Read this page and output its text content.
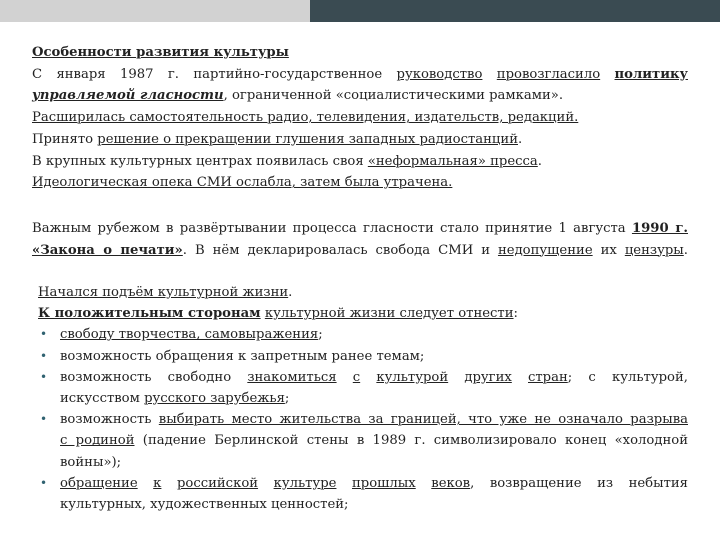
Особенности развития культуры
С января 1987 г. партийно-государственное руководство провозгласило политику
управляемой гласности, ограниченной «социалистическими рамками».
Расширилась самостоятельность радио, телевидения, издательств, редакций.
Принято решение о прекращении глушения западных радиостанций.
В крупных культурных центрах появилась своя «неформальная» пресса.
Идеологическая опека СМИ ослабла, затем была утрачена.
Важным рубежом в развёртывании процесса гласности стало принятие 1 августа 1990 г.
«Закона о печати». В нём декларировалась свобода СМИ и недопущение их цензуры.
Начался подъём культурной жизни.
К положительным сторонам культурной жизни следует отнести:
• свободу творчества, самовыражения;
• возможность обращения к запретным ранее темам;
• возможность свободно знакомиться с культурой других стран; с культурой,
искусством русского зарубежья;
• возможность выбирать место жительства за границей, что уже не означало разрыва
с родиной (падение Берлинской стены в 1989 г. символизировало конец «холодной
войны»);
• обращение к российской культуре прошлых веков, возвращение из небытия
культурных, художественных ценностей;
